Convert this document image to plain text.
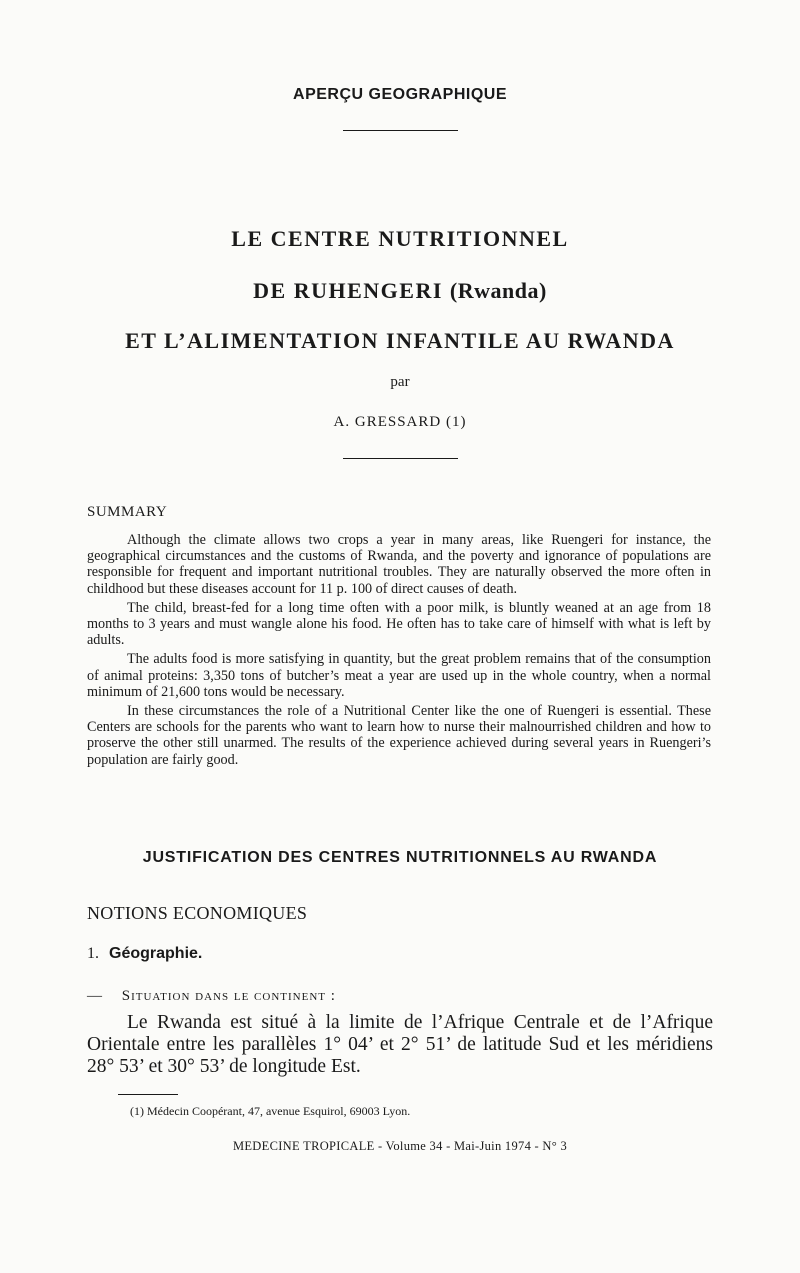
APERÇU GEOGRAPHIQUE
LE CENTRE NUTRITIONNEL
DE RUHENGERI (Rwanda)
ET L’ALIMENTATION INFANTILE AU RWANDA
par
A. GRESSARD (1)
SUMMARY

Although the climate allows two crops a year in many areas, like Ruengeri for instance, the geographical circumstances and the customs of Rwanda, and the poverty and ignorance of populations are responsible for frequent and important nutritional troubles. They are naturally observed the more often in childhood but these diseases account for 11 p. 100 of direct causes of death.

The child, breast-fed for a long time often with a poor milk, is bluntly weaned at an age from 18 months to 3 years and must wangle alone his food. He often has to take care of himself with what is left by adults.

The adults food is more satisfying in quantity, but the great problem remains that of the consumption of animal proteins: 3,350 tons of butcher’s meat a year are used up in the whole country, when a normal minimum of 21,600 tons would be necessary.

In these circumstances the role of a Nutritional Center like the one of Ruengeri is essential. These Centers are schools for the parents who want to learn how to nurse their malnourrished children and how to proserve the other still unarmed. The results of the experience achieved during several years in Ruengeri’s population are fairly good.

JUSTIFICATION DES CENTRES NUTRITIONNELS AU RWANDA
NOTIONS ECONOMIQUES
1. Géographie.
— Situation dans le continent :

Le Rwanda est situé à la limite de l’Afrique Centrale et de l’Afrique Orientale entre les parallèles 1° 04’ et 2° 51’ de latitude Sud et les méridiens 28° 53’ et 30° 53’ de longitude Est.

(1) Médecin Coopérant, 47, avenue Esquirol, 69003 Lyon.
MEDECINE TROPICALE - Volume 34 - Mai-Juin 1974 - N° 3
